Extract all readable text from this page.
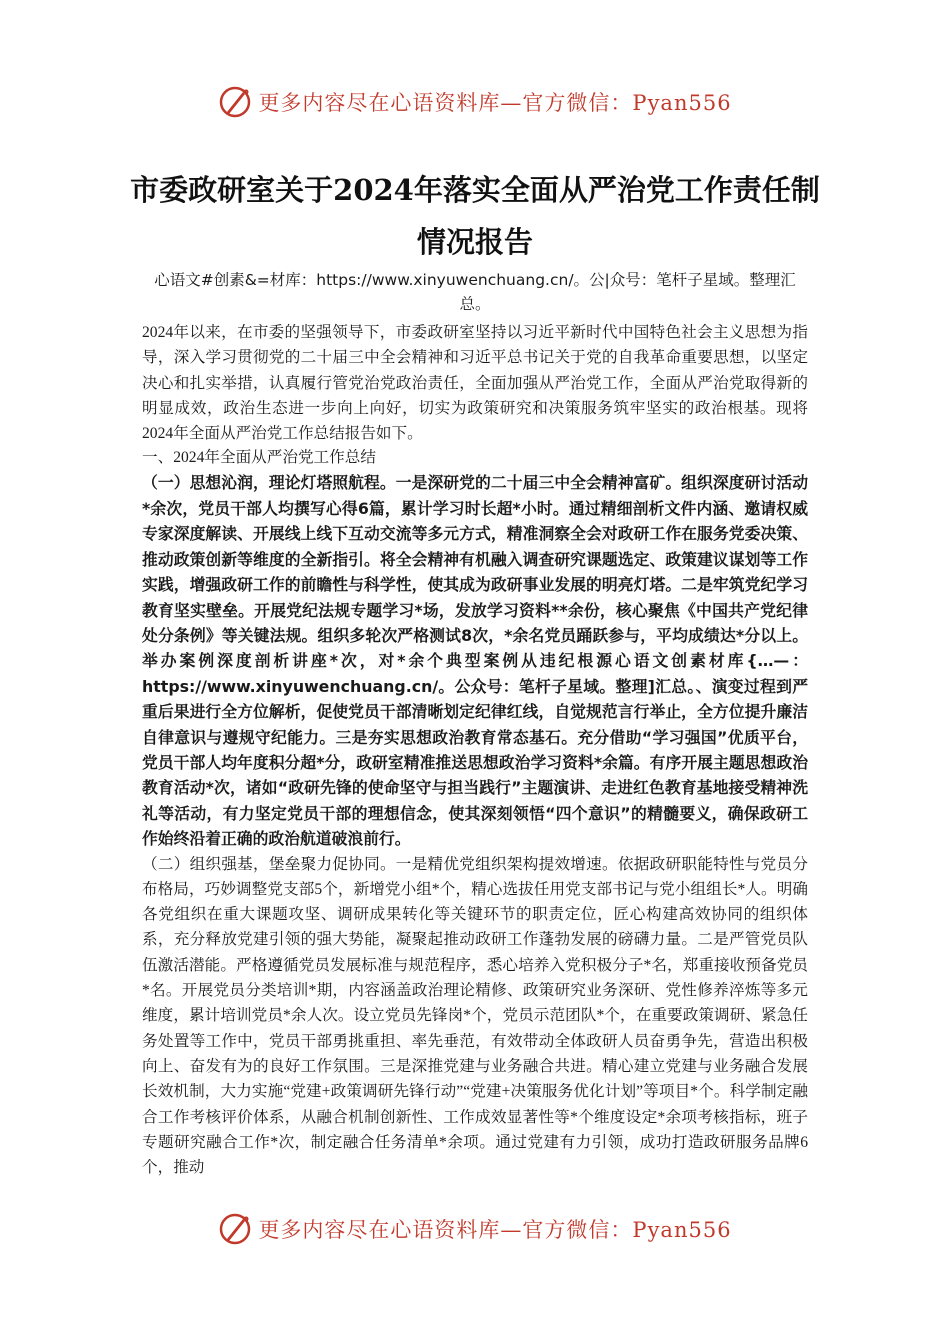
更多内容尽在心语资料库—官方微信：Pyan556
市委政研室关于2024年落实全面从严治党工作责任制情况报告

心语文#创素&=材库：https://www.xinyuwenchuang.cn/。公|众号：笔杆子星域。整理汇总。

2024年以来，在市委的坚强领导下，市委政研室坚持以习近平新时代中国特色社会主义思想为指导，深入学习贯彻党的二十届三中全会精神和习近平总书记关于党的自我革命重要思想，以坚定决心和扎实举措，认真履行管党治党政治责任，全面加强从严治党工作，全面从严治党取得新的明显成效，政治生态进一步向上向好，切实为政策研究和决策服务筑牢坚实的政治根基。现将2024年全面从严治党工作总结报告如下。

一、2024年全面从严治党工作总结

（一）思想沁润，理论灯塔照航程。一是深研党的二十届三中全会精神富矿。组织深度研讨活动*余次，党员干部人均撰写心得6篇，累计学习时长超*小时。通过精细剖析文件内涵、邀请权威专家深度解读、开展线上线下互动交流等多元方式，精准洞察全会对政研工作在服务党委决策、推动政策创新等维度的全新指引。将全会精神有机融入调查研究课题选定、政策建议谋划等工作实践，增强政研工作的前瞻性与科学性，使其成为政研事业发展的明亮灯塔。二是牢筑党纪学习教育坚实壁垒。开展党纪法规专题学习*场，发放学习资料**余份，核心聚焦《中国共产党纪律处分条例》等关键法规。组织多轮次严格测试8次，*余名党员踊跃参与，平均成绩达*分以上。举办案例深度剖析讲座*次，对*余个典型案例从违纪根源心语文创素材库{…—：https://www.xinyuwenchuang.cn/。公众号：笔杆子星域。整理]汇总。、演变过程到严重后果进行全方位解析，促使党员干部清晰划定纪律红线，自觉规范言行举止，全方位提升廉洁自律意识与遵规守纪能力。三是夯实思想政治教育常态基石。充分借助“学习强国”优质平台，党员干部人均年度积分超*分，政研室精准推送思想政治学习资料*余篇。有序开展主题思想政治教育活动*次，诸如“政研先锋的使命坚守与担当践行”主题演讲、走进红色教育基地接受精神洗礼等活动，有力坚定党员干部的理想信念，使其深刻领悟“四个意识”的精髓要义，确保政研工作始终沿着正确的政治航道破浪前行。

（二）组织强基，堡垒聚力促协同。一是精优党组织架构提效增速。依据政研职能特性与党员分布格局，巧妙调整党支部5个，新增党小组*个，精心选拔任用党支部书记与党小组组长*人。明确各党组织在重大课题攻坚、调研成果转化等关键环节的职责定位，匠心构建高效协同的组织体系，充分释放党建引领的强大势能，凝聚起推动政研工作蓬勃发展的磅礴力量。二是严管党员队伍激活潜能。严格遵循党员发展标准与规范程序，悉心培养入党积极分子*名，郑重接收预备党员*名。开展党员分类培训*期，内容涵盖政治理论精修、政策研究业务深研、党性修养淬炼等多元维度，累计培训党员*余人次。设立党员先锋岗*个，党员示范团队*个，在重要政策调研、紧急任务处置等工作中，党员干部勇挑重担、率先垂范，有效带动全体政研人员奋勇争先，营造出积极向上、奋发有为的良好工作氛围。三是深推党建与业务融合共进。精心建立党建与业务融合发展长效机制，大力实施“党建+政策调研先锋行动”“党建+决策服务优化计划”等项目*个。科学制定融合工作考核评价体系，从融合机制创新性、工作成效显著性等*个维度设定*余项考核指标，班子专题研究融合工作*次，制定融合任务清单*余项。通过党建有力引领，成功打造政研服务品牌6个，推动

更多内容尽在心语资料库—官方微信：Pyan556
